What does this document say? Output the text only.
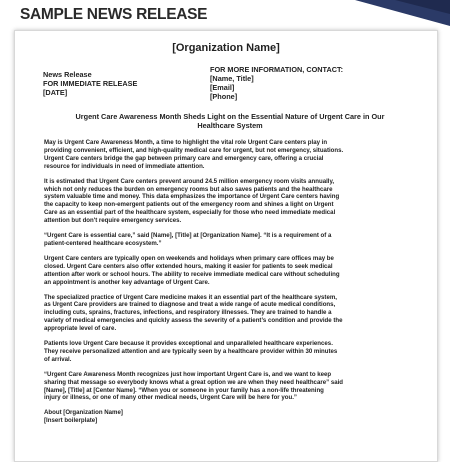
SAMPLE NEWS RELEASE
[Organization Name]
News Release
FOR IMMEDIATE RELEASE
[DATE]
FOR MORE INFORMATION, CONTACT:
[Name, Title]
[Email]
[Phone]
Urgent Care Awareness Month Sheds Light on the Essential Nature of Urgent Care in Our
Healthcare System

May is Urgent Care Awareness Month, a time to highlight the vital role Urgent Care centers play in
providing convenient, efficient, and high-quality medical care for urgent, but not emergency, situations.
Urgent Care centers bridge the gap between primary care and emergency care, offering a crucial
resource for individuals in need of immediate attention.

It is estimated that Urgent Care centers prevent around 24.5 million emergency room visits annually,
which not only reduces the burden on emergency rooms but also saves patients and the healthcare
system valuable time and money. This data emphasizes the importance of Urgent Care centers having
the capacity to keep non-emergent patients out of the emergency room and shines a light on Urgent
Care as an essential part of the healthcare system, especially for those who need immediate medical
attention but don't require emergency services.

“Urgent Care is essential care,” said [Name], [Title] at [Organization Name]. “It is a requirement of a
patient-centered healthcare ecosystem.”

Urgent Care centers are typically open on weekends and holidays when primary care offices may be
closed. Urgent Care centers also offer extended hours, making it easier for patients to seek medical
attention after work or school hours. The ability to receive immediate medical care without scheduling
an appointment is another key advantage of Urgent Care.

The specialized practice of Urgent Care medicine makes it an essential part of the healthcare system,
as Urgent Care providers are trained to diagnose and treat a wide range of acute medical conditions,
including cuts, sprains, fractures, infections, and respiratory illnesses. They are trained to handle a
variety of medical emergencies and quickly assess the severity of a patient’s condition and provide the
appropriate level of care.

Patients love Urgent Care because it provides exceptional and unparalleled healthcare experiences.
They receive personalized attention and are typically seen by a healthcare provider within 30 minutes
of arrival.

“Urgent Care Awareness Month recognizes just how important Urgent Care is, and we want to keep
sharing that message so everybody knows what a great option we are when they need healthcare” said
[Name], [Title] at [Center Name]. “When you or someone in your family has a non-life threatening
injury or illness, or one of many other medical needs, Urgent Care will be here for you.”

About [Organization Name]
[Insert boilerplate]
